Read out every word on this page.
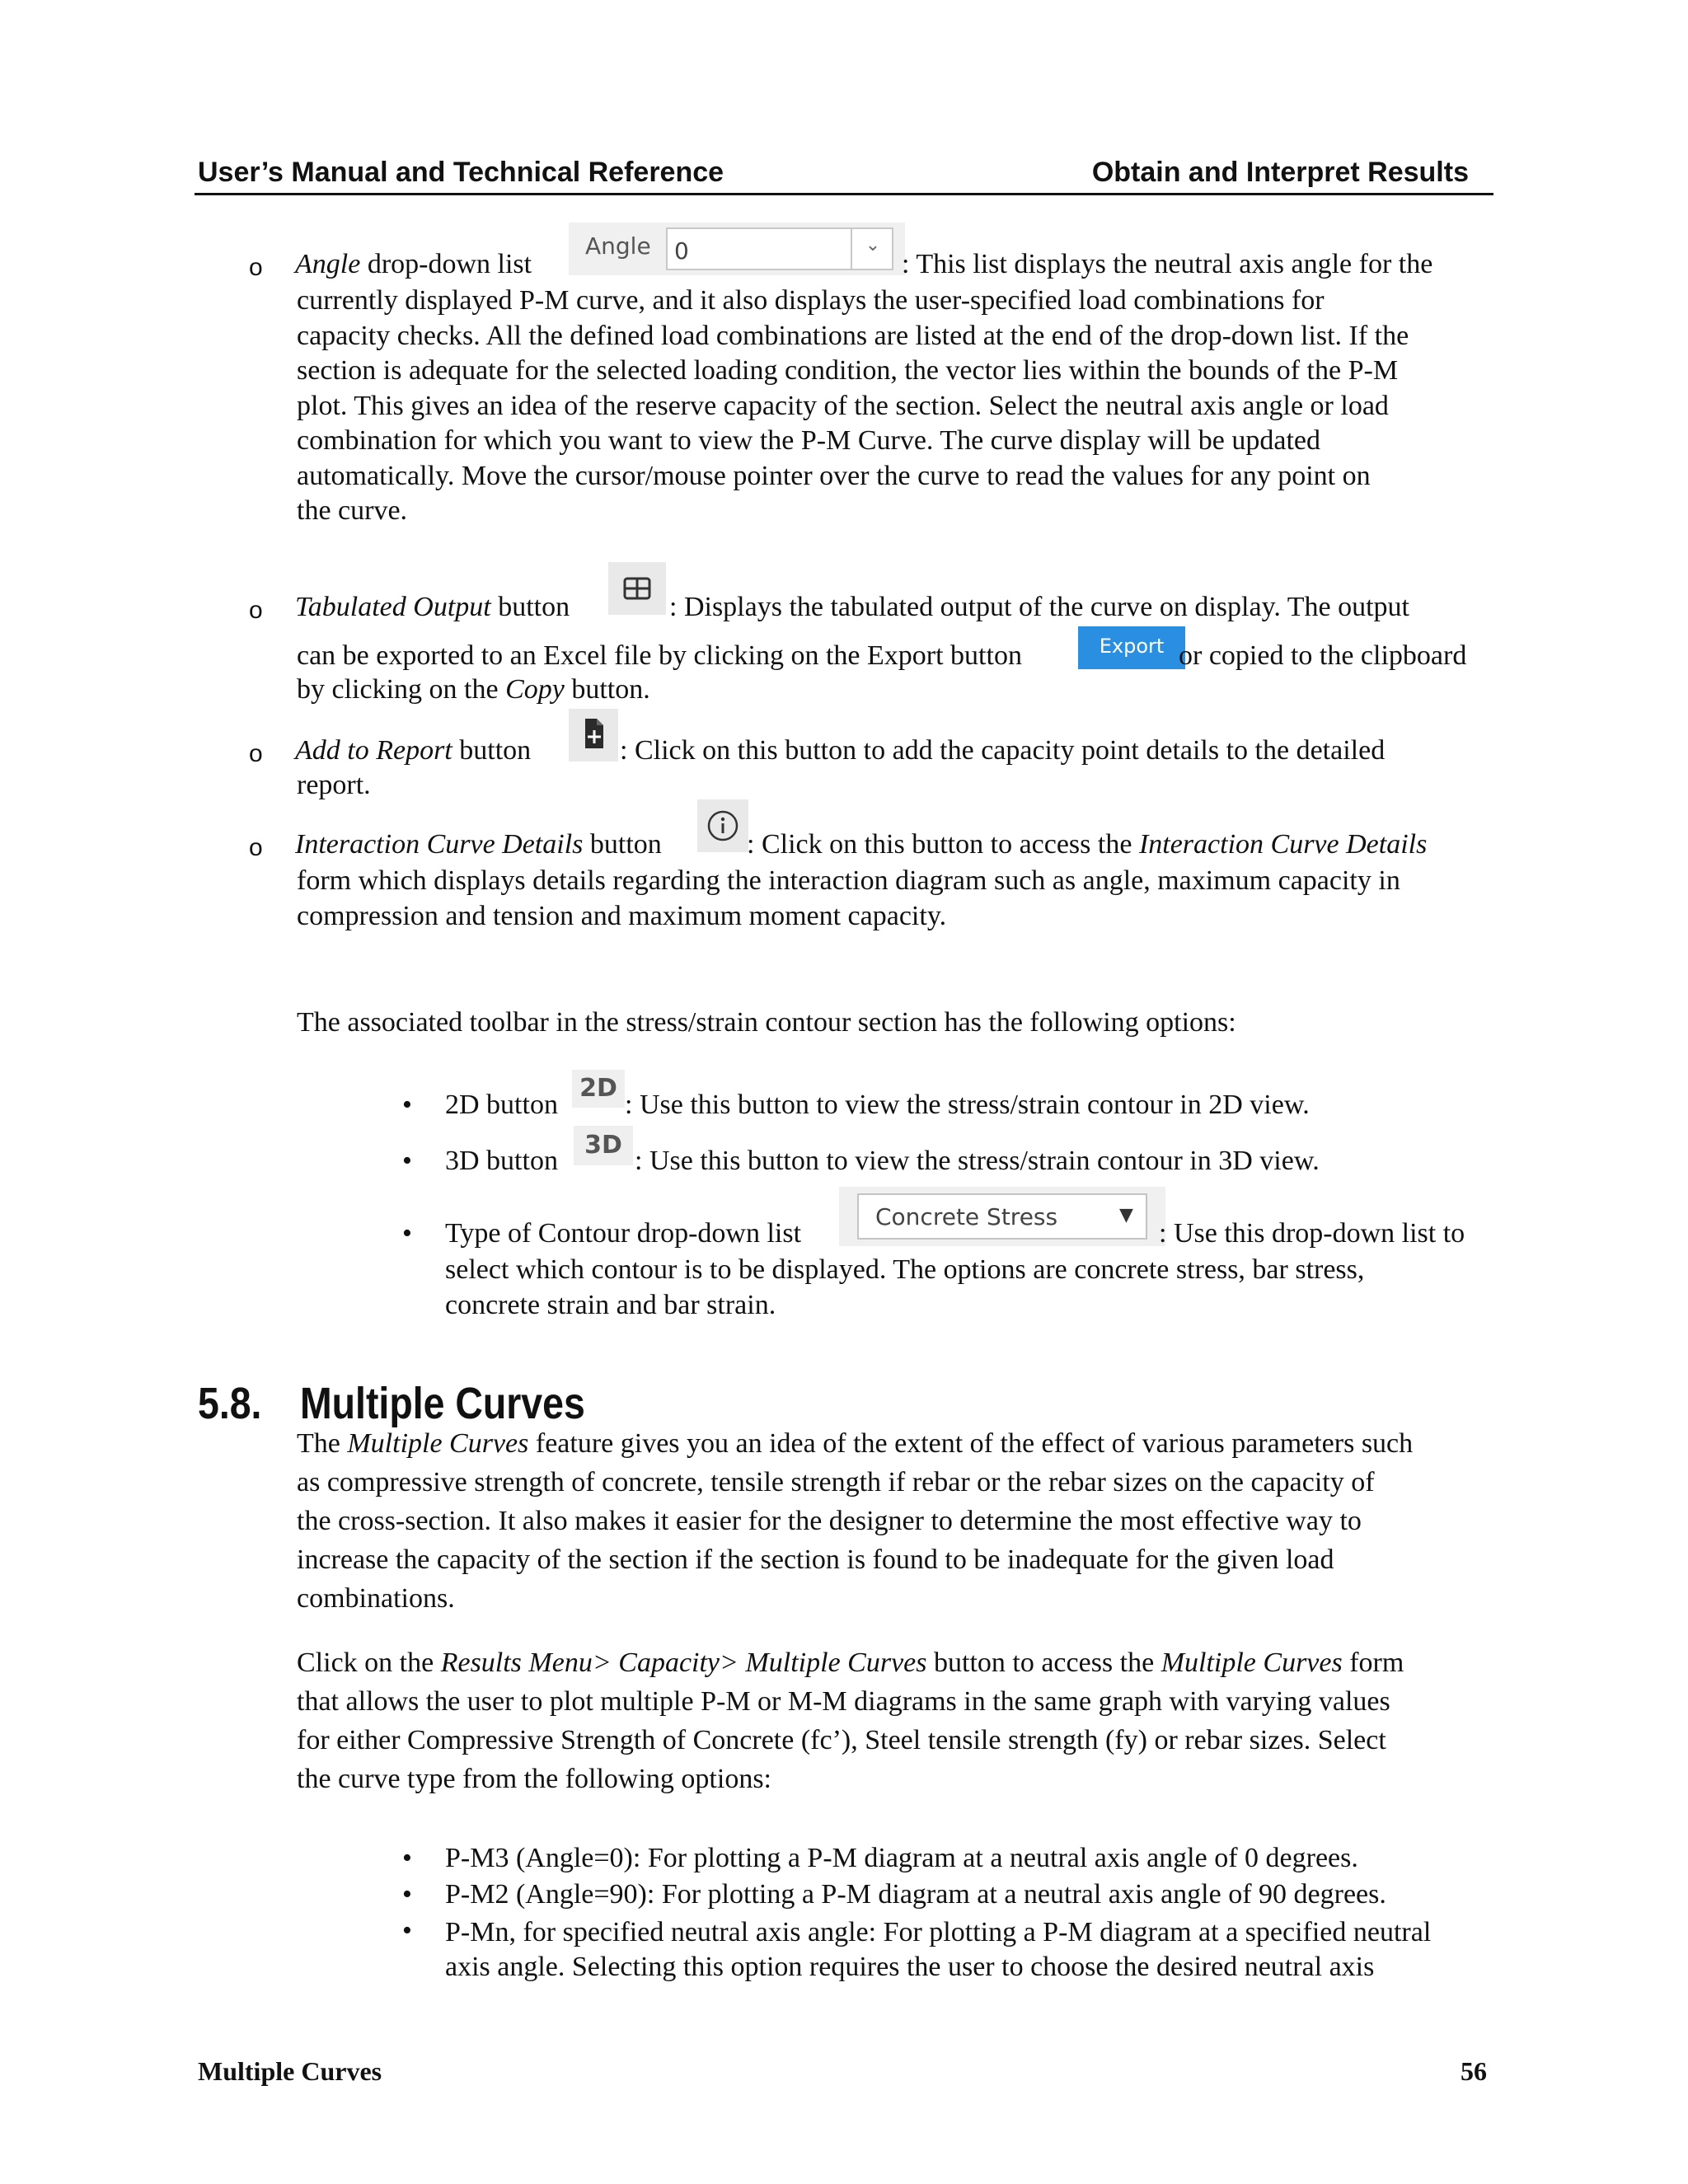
User’s Manual and Technical Reference	Obtain and Interpret Results
o Angle drop-down list
Angle 0	⌄
: This list displays the neutral axis angle for the
currently displayed P-M curve, and it also displays the user-specified load combinations for
capacity checks. All the defined load combinations are listed at the end of the drop-down list. If the
section is adequate for the selected loading condition, the vector lies within the bounds of the P-M
plot. This gives an idea of the reserve capacity of the section. Select the neutral axis angle or load
combination for which you want to view the P-M Curve. The curve display will be updated
automatically. Move the cursor/mouse pointer over the curve to read the values for any point on
the curve.
o Tabulated Output button	: Displays the tabulated output of the curve on display. The output
can be exported to an Excel file by clicking on the Export button	Export or copied to the clipboard
by clicking on the Copy button.
o Add to Report button	: Click on this button to add the capacity point details to the detailed
report.
o Interaction Curve Details button	: Click on this button to access the Interaction Curve Details
form which displays details regarding the interaction diagram such as angle, maximum capacity in
compression and tension and maximum moment capacity.
The associated toolbar in the stress/strain contour section has the following options:
• 2D button
2D
: Use this button to view the stress/strain contour in 2D view.
• 3D button
3D
: Use this button to view the stress/strain contour in 3D view.
• Type of Contour drop-down list
Concrete Stress	▼
: Use this drop-down list to
select which contour is to be displayed. The options are concrete stress, bar stress,
concrete strain and bar strain.
5.8. Multiple Curves
The Multiple Curves feature gives you an idea of the extent of the effect of various parameters such
as compressive strength of concrete, tensile strength if rebar or the rebar sizes on the capacity of
the cross-section. It also makes it easier for the designer to determine the most effective way to
increase the capacity of the section if the section is found to be inadequate for the given load
combinations.
Click on the Results Menu> Capacity> Multiple Curves button to access the Multiple Curves form
that allows the user to plot multiple P-M or M-M diagrams in the same graph with varying values
for either Compressive Strength of Concrete (fc’), Steel tensile strength (fy) or rebar sizes. Select
the curve type from the following options:
• P-M3 (Angle=0): For plotting a P-M diagram at a neutral axis angle of 0 degrees.
• P-M2 (Angle=90): For plotting a P-M diagram at a neutral axis angle of 90 degrees.
• P-Mn, for specified neutral axis angle: For plotting a P-M diagram at a specified neutral
axis angle. Selecting this option requires the user to choose the desired neutral axis
Multiple Curves	56
